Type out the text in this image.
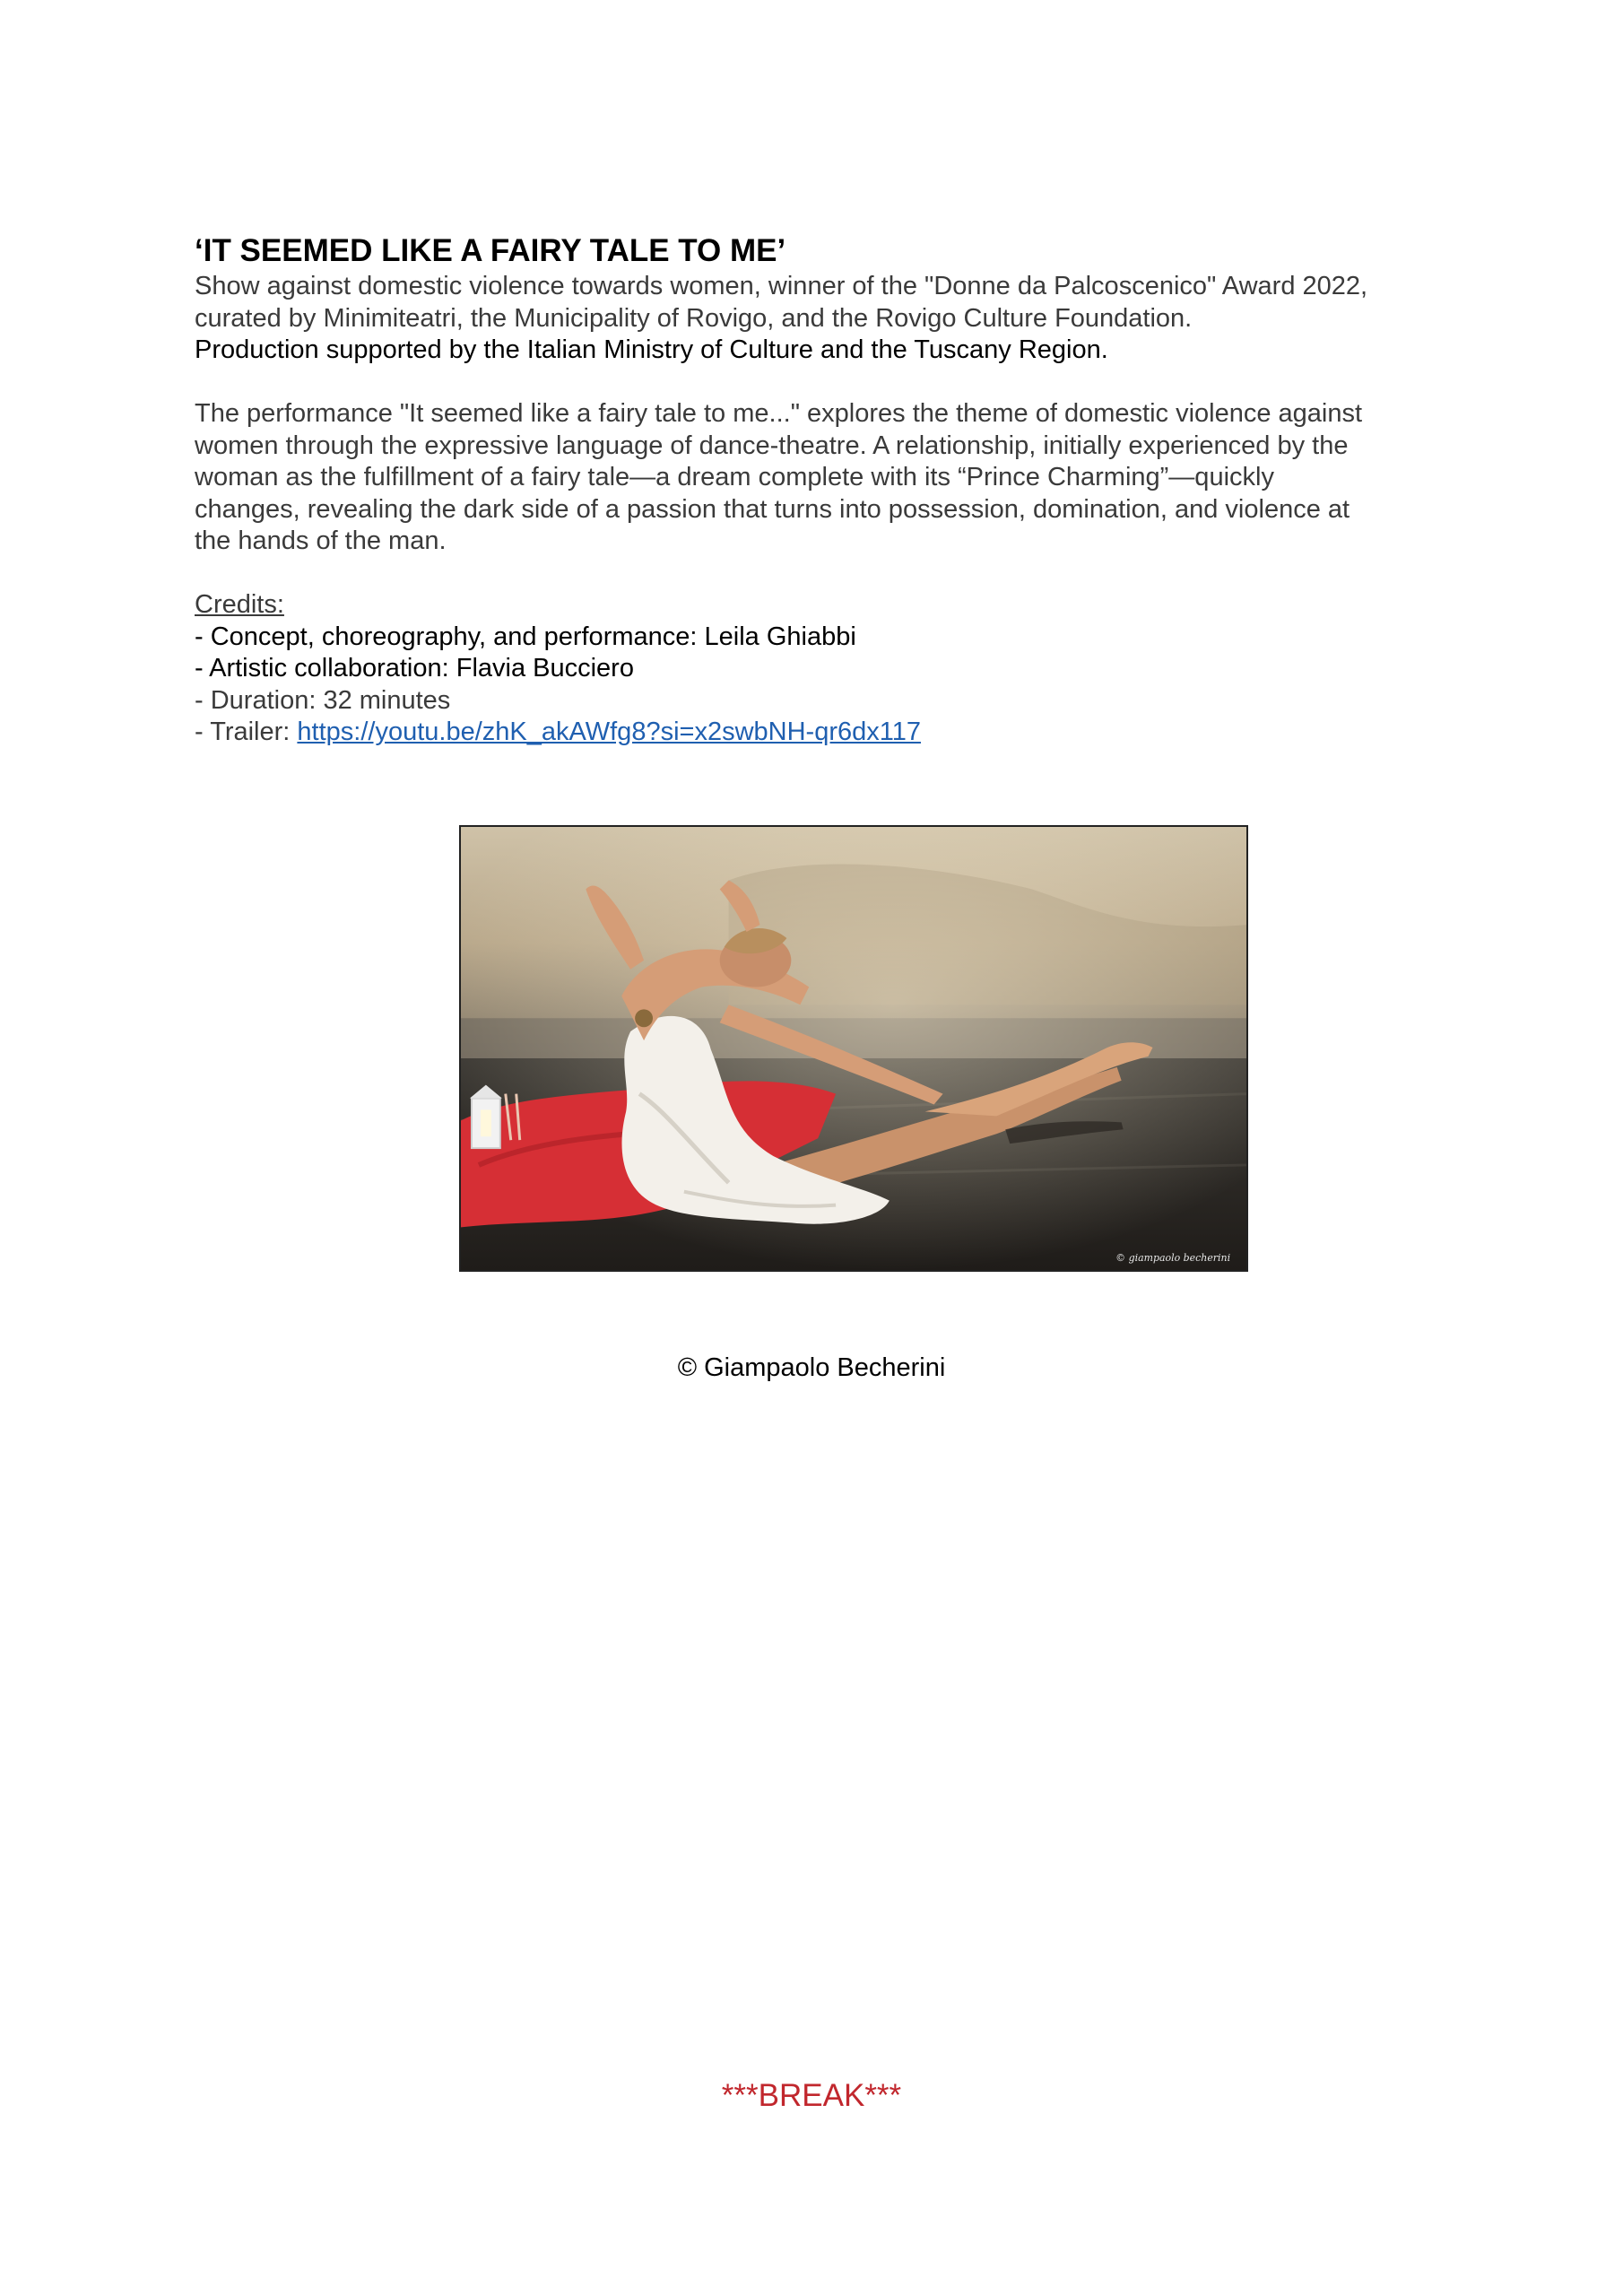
‘IT SEEMED LIKE A FAIRY TALE TO ME’

Show against domestic violence towards women, winner of the "Donne da Palcoscenico" Award 2022,

curated by Minimiteatri, the Municipality of Rovigo, and the Rovigo Culture Foundation.

Production supported by the Italian Ministry of Culture and the Tuscany Region.

The performance "It seemed like a fairy tale to me..." explores the theme of domestic violence against

women through the expressive language of dance-theatre. A relationship, initially experienced by the

woman as the fulfillment of a fairy tale—a dream complete with its “Prince Charming”—quickly

changes, revealing the dark side of a passion that turns into possession, domination, and violence at

the hands of the man.

Credits:

- Concept, choreography, and performance: Leila Ghiabbi

- Artistic collaboration: Flavia Bucciero

- Duration: 32 minutes

- Trailer: https://youtu.be/zhK_akAWfg8?si=x2swbNH-qr6dx117

© giampaolo becherini

© Giampaolo Becherini

***BREAK***
